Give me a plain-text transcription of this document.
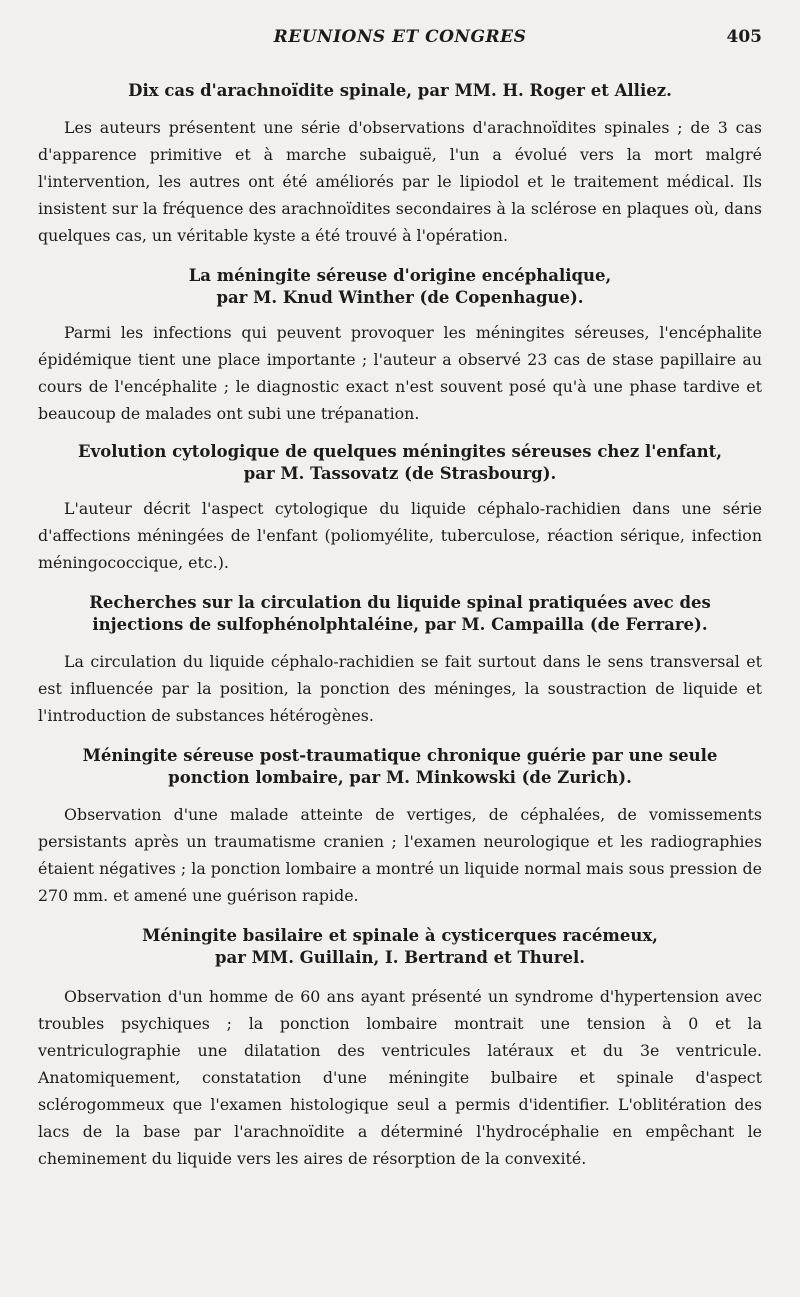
REUNIONS ET CONGRES	405

Dix cas d'arachnoïdite spinale, par MM. H. Roger et Alliez.

Les auteurs présentent une série d'observations d'arachnoïdites spinales ; de 3 cas d'apparence primitive et à marche subaiguë, l'un a évolué vers la mort malgré l'intervention, les autres ont été améliorés par le lipiodol et le traitement médical. Ils insistent sur la fréquence des arachnoïdites secondaires à la sclérose en plaques où, dans quelques cas, un véritable kyste a été trouvé à l'opération.

La méningite séreuse d'origine encéphalique,
par M. Knud Winther (de Copenhague).

Parmi les infections qui peuvent provoquer les méningites séreuses, l'encéphalite épidémique tient une place importante ; l'auteur a observé 23 cas de stase papillaire au cours de l'encéphalite ; le diagnostic exact n'est souvent posé qu'à une phase tardive et beaucoup de malades ont subi une trépanation.

Evolution cytologique de quelques méningites séreuses chez l'enfant,
par M. Tassovatz (de Strasbourg).

L'auteur décrit l'aspect cytologique du liquide céphalo-rachidien dans une série d'affections méningées de l'enfant (poliomyélite, tuberculose, réaction sérique, infection méningococcique, etc.).

Recherches sur la circulation du liquide spinal pratiquées avec des
injections de sulfophénolphtaléine, par M. Campailla (de Ferrare).

La circulation du liquide céphalo-rachidien se fait surtout dans le sens transversal et est influencée par la position, la ponction des méninges, la soustraction de liquide et l'introduction de substances hétérogènes.

Méningite séreuse post-traumatique chronique guérie par une seule
ponction lombaire, par M. Minkowski (de Zurich).

Observation d'une malade atteinte de vertiges, de céphalées, de vomissements persistants après un traumatisme cranien ; l'examen neurologique et les radiographies étaient négatives ; la ponction lombaire a montré un liquide normal mais sous pression de 270 mm. et amené une guérison rapide.

Méningite basilaire et spinale à cysticerques racémeux,
par MM. Guillain, I. Bertrand et Thurel.

Observation d'un homme de 60 ans ayant présenté un syndrome d'hypertension avec troubles psychiques ; la ponction lombaire montrait une tension à 0 et la ventriculographie une dilatation des ventricules latéraux et du 3e ventricule. Anatomiquement, constatation d'une méningite bulbaire et spinale d'aspect sclérogommeux que l'examen histologique seul a permis d'identifier. L'oblitération des lacs de la base par l'arachnoïdite a déterminé l'hydrocéphalie en empêchant le cheminement du liquide vers les aires de résorption de la convexité.
